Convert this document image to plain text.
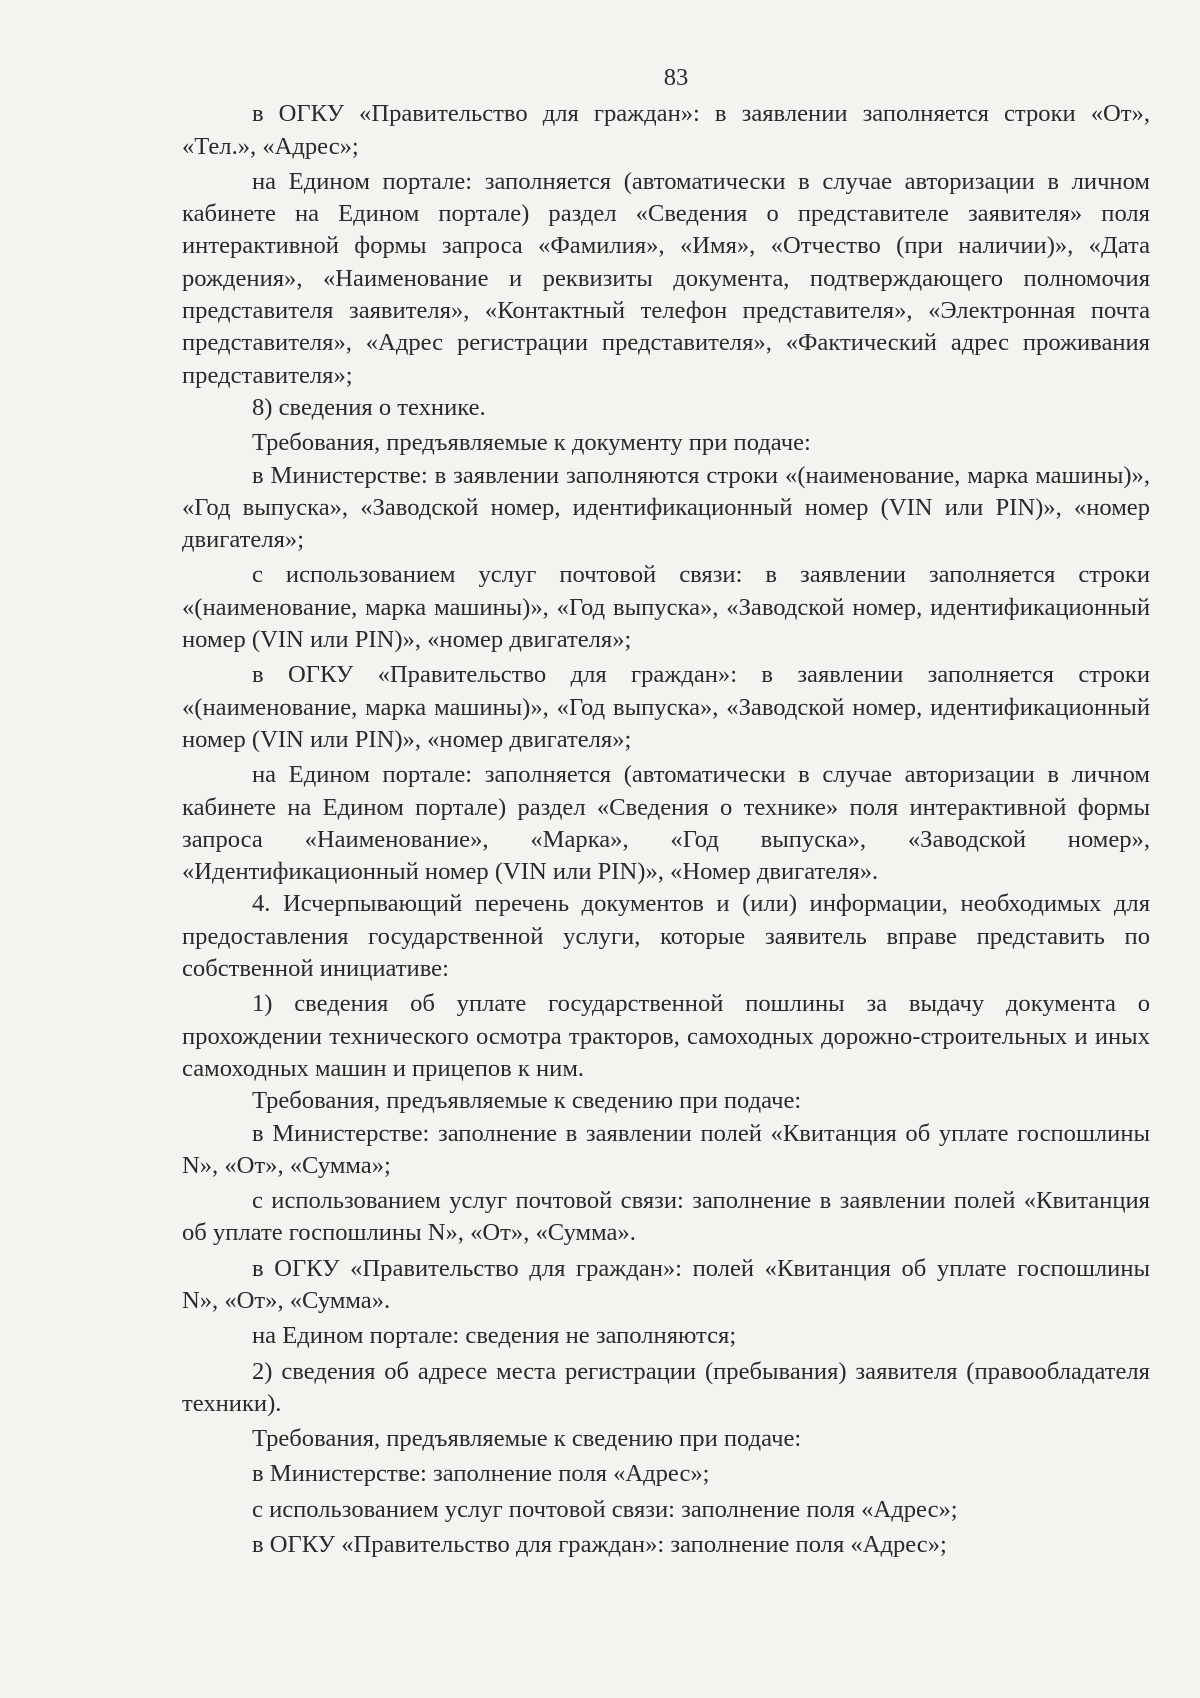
83

в ОГКУ «Правительство для граждан»: в заявлении заполняется строки «От», «Тел.», «Адрес»;

на Едином портале: заполняется (автоматически в случае авторизации в личном кабинете на Едином портале) раздел «Сведения о представителе заявителя» поля интерактивной формы запроса «Фамилия», «Имя», «Отчество (при наличии)», «Дата рождения», «Наименование и реквизиты документа, подтверждающего полномочия представителя заявителя», «Контактный телефон представителя», «Электронная почта представителя», «Адрес регистрации представителя», «Фактический адрес проживания представителя»;

8) сведения о технике.

Требования, предъявляемые к документу при подаче:

в Министерстве: в заявлении заполняются строки «(наименование, марка машины)», «Год выпуска», «Заводской номер, идентификационный номер (VIN или PIN)», «номер двигателя»;

с использованием услуг почтовой связи: в заявлении заполняется строки «(наименование, марка машины)», «Год выпуска», «Заводской номер, идентификационный номер (VIN или PIN)», «номер двигателя»;

в ОГКУ «Правительство для граждан»: в заявлении заполняется строки «(наименование, марка машины)», «Год выпуска», «Заводской номер, идентификационный номер (VIN или PIN)», «номер двигателя»;

на Едином портале: заполняется (автоматически в случае авторизации в личном кабинете на Едином портале) раздел «Сведения о технике» поля интерактивной формы запроса «Наименование», «Марка», «Год выпуска», «Заводской номер», «Идентификационный номер (VIN или PIN)», «Номер двигателя».

4. Исчерпывающий перечень документов и (или) информации, необходимых для предоставления государственной услуги, которые заявитель вправе представить по собственной инициативе:

1) сведения об уплате государственной пошлины за выдачу документа о прохождении технического осмотра тракторов, самоходных дорожно-строительных и иных самоходных машин и прицепов к ним.

Требования, предъявляемые к сведению при подаче:

в Министерстве: заполнение в заявлении полей «Квитанция об уплате госпошлины N», «От», «Сумма»;

с использованием услуг почтовой связи: заполнение в заявлении полей «Квитанция об уплате госпошлины N», «От», «Сумма».

в ОГКУ «Правительство для граждан»: полей «Квитанция об уплате госпошлины N», «От», «Сумма».

на Едином портале: сведения не заполняются;

2) сведения об адресе места регистрации (пребывания) заявителя (правообладателя техники).

Требования, предъявляемые к сведению при подаче:

в Министерстве: заполнение поля «Адрес»;

с использованием услуг почтовой связи: заполнение поля «Адрес»;

в ОГКУ «Правительство для граждан»: заполнение поля «Адрес»;
